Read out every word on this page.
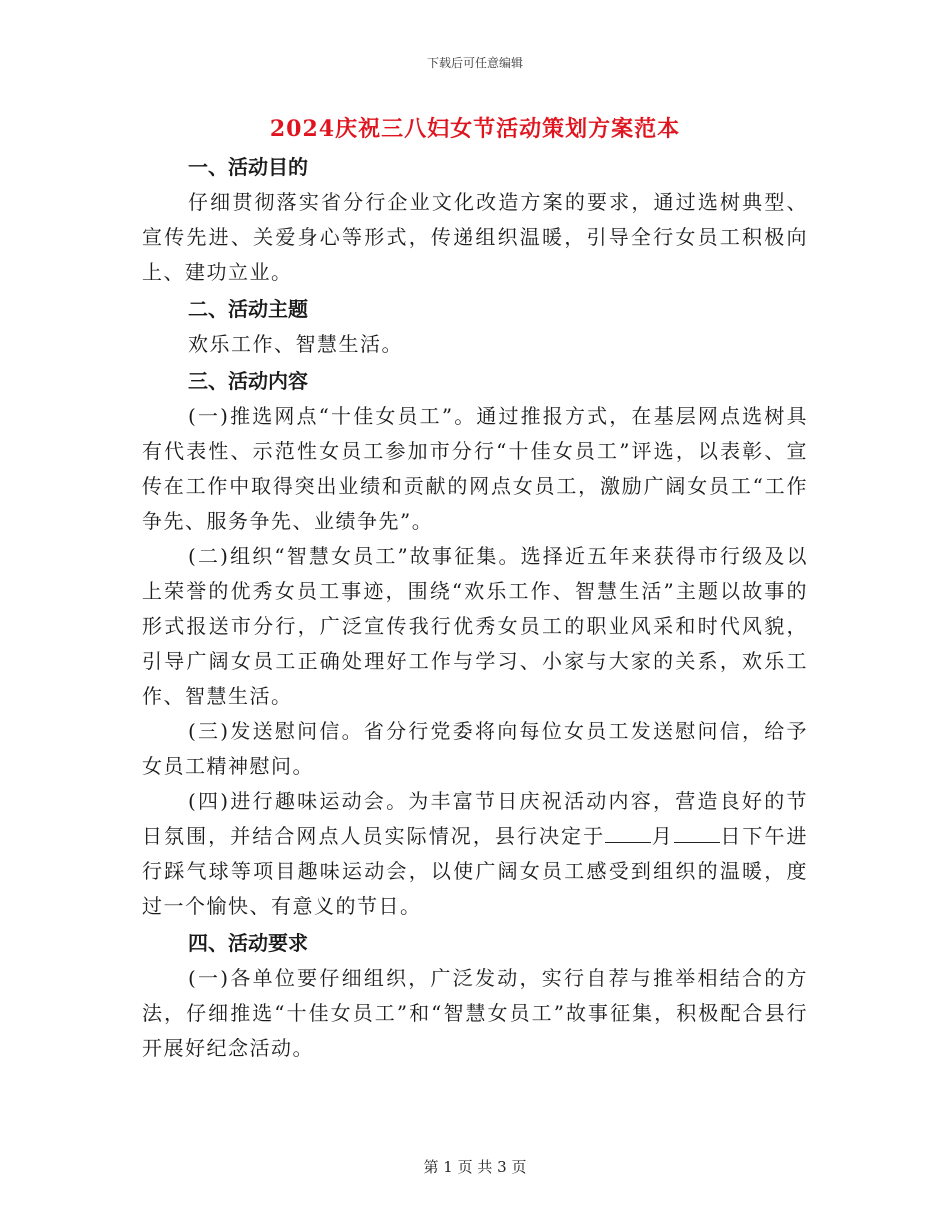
下载后可任意编辑
2024庆祝三八妇女节活动策划方案范本

一、活动目的

仔细贯彻落实省分行企业文化改造方案的要求，通过选树典型、宣传先进、关爱身心等形式，传递组织温暖，引导全行女员工积极向上、建功立业。

二、活动主题

欢乐工作、智慧生活。

三、活动内容

(一)推选网点“十佳女员工”。通过推报方式，在基层网点选树具有代表性、示范性女员工参加市分行“十佳女员工”评选，以表彰、宣传在工作中取得突出业绩和贡献的网点女员工，激励广阔女员工“工作争先、服务争先、业绩争先”。

(二)组织“智慧女员工”故事征集。选择近五年来获得市行级及以上荣誉的优秀女员工事迹，围绕“欢乐工作、智慧生活”主题以故事的形式报送市分行，广泛宣传我行优秀女员工的职业风采和时代风貌，引导广阔女员工正确处理好工作与学习、小家与大家的关系，欢乐工作、智慧生活。

(三)发送慰问信。省分行党委将向每位女员工发送慰问信，给予女员工精神慰问。

(四)进行趣味运动会。为丰富节日庆祝活动内容，营造良好的节日氛围，并结合网点人员实际情况，县行决定于 月 日下午进行踩气球等项目趣味运动会，以使广阔女员工感受到组织的温暖，度过一个愉快、有意义的节日。

四、活动要求

(一)各单位要仔细组织，广泛发动，实行自荐与推举相结合的方法，仔细推选“十佳女员工”和“智慧女员工”故事征集，积极配合县行开展好纪念活动。

第 1 页 共 3 页
